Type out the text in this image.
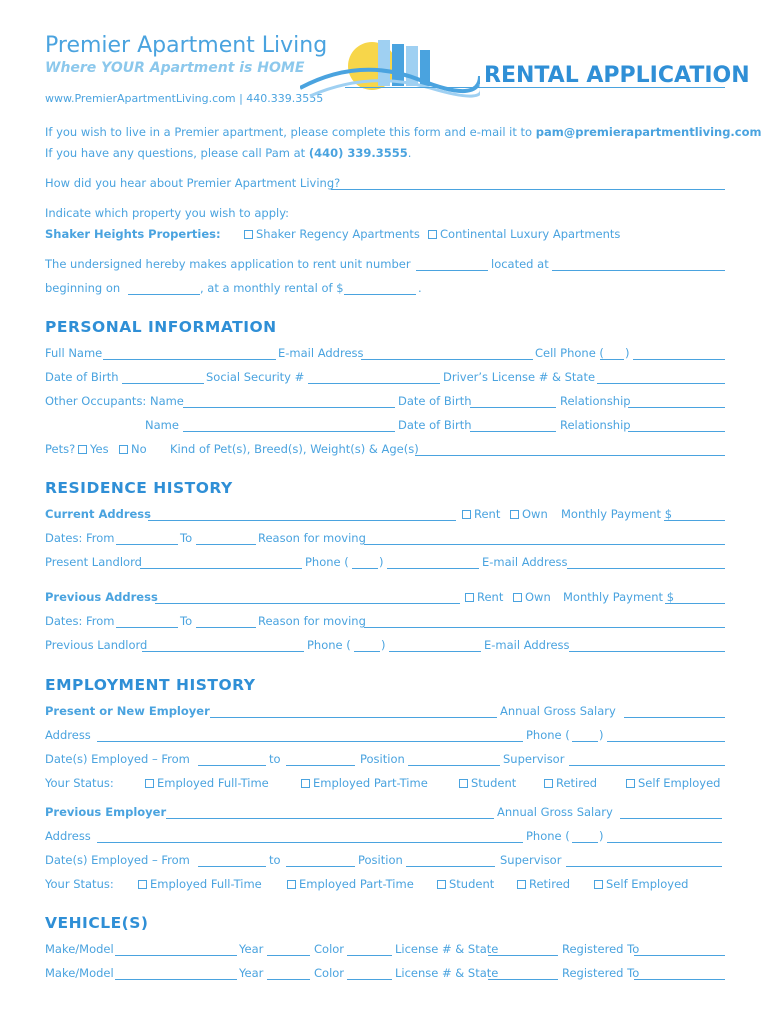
Premier Apartment Living
Where YOUR Apartment is HOME
www.PremierApartmentLiving.com | 440.339.3555
RENTAL APPLICATION
If you wish to live in a Premier apartment, please complete this form and e-mail it to pam@premierapartmentliving.com
If you have any questions, please call Pam at (440) 339.3555.
How did you hear about Premier Apartment Living?
Indicate which property you wish to apply:
Shaker Heights Properties:	Shaker Regency Apartments	Continental Luxury Apartments
The undersigned hereby makes application to rent unit number	located at
beginning on	, at a monthly rental of $	.
PERSONAL INFORMATION
Full Name	E-mail Address	Cell Phone ( )
Date of Birth	Social Security #	Driver’s License # & State
Other Occupants: Name	Date of Birth	Relationship
Name	Date of Birth	Relationship
Pets?	Yes	No Kind of Pet(s), Breed(s), Weight(s) & Age(s)
RESIDENCE HISTORY
Current Address	Rent	Own Monthly Payment $
Dates: From	To	Reason for moving
Present Landlord	Phone (	)	E-mail Address
Previous Address	Rent	Own Monthly Payment $
Dates: From	To	Reason for moving
Previous Landlord	Phone (	)	E-mail Address
EMPLOYMENT HISTORY
Present or New Employer	Annual Gross Salary
Address	Phone (	)
Date(s) Employed – From	to	Position	Supervisor
Your Status:	Employed Full-Time	Employed Part-Time	Student	Retired	Self Employed
Previous Employer	Annual Gross Salary
Address	Phone (	)
Date(s) Employed – From	to	Position	Supervisor
Your Status:	Employed Full-Time	Employed Part-Time	Student	Retired	Self Employed
VEHICLE(S)
Make/Model	Year	Color	License # & State	Registered To
Make/Model	Year	Color	License # & State	Registered To
